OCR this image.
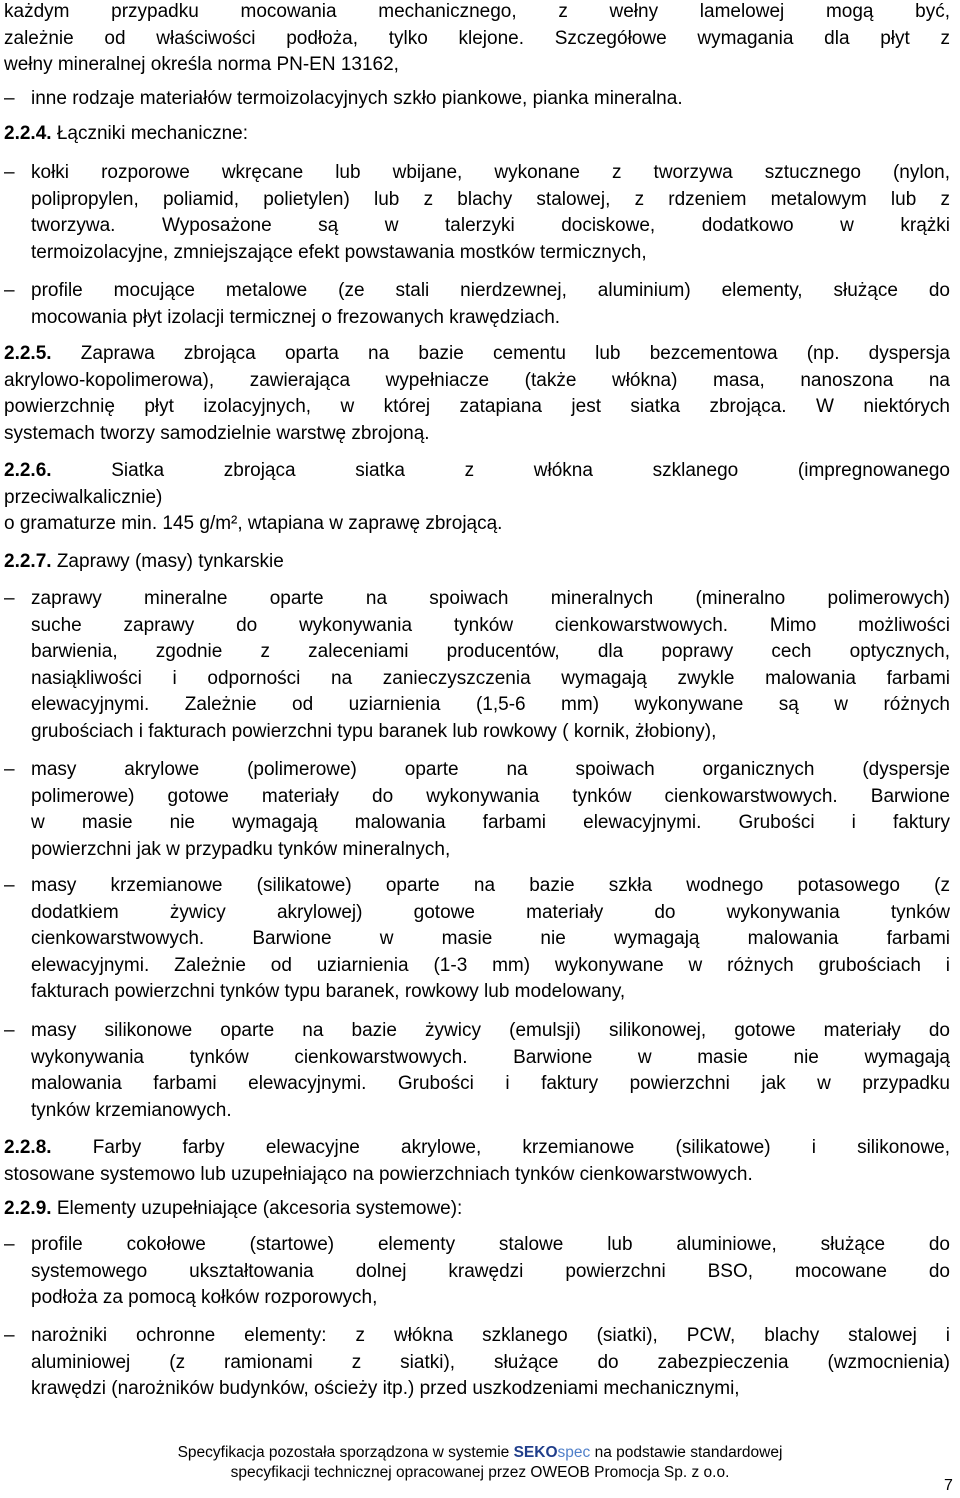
każdym przypadku mocowania mechanicznego, z wełny lamelowej mogą być,
zależnie od właściwości podłoża, tylko klejone. Szczegółowe wymagania dla płyt z
wełny mineralnej określa norma PN-EN 13162,
– inne rodzaje materiałów termoizolacyjnych szkło piankowe, pianka mineralna.
2.2.4. Łączniki mechaniczne:
– kołki rozporowe wkręcane lub wbijane, wykonane z tworzywa sztucznego (nylon,
polipropylen, poliamid, polietylen) lub z blachy stalowej, z rdzeniem metalowym lub z
tworzywa. Wyposażone są w talerzyki dociskowe, dodatkowo w krążki
termoizolacyjne, zmniejszające efekt powstawania mostków termicznych,
– profile mocujące metalowe (ze stali nierdzewnej, aluminium) elementy, służące do
mocowania płyt izolacji termicznej o frezowanych krawędziach.
2.2.5. Zaprawa zbrojąca oparta na bazie cementu lub bezcementowa (np. dyspersja
akrylowo-kopolimerowa), zawierająca wypełniacze (także włókna) masa, nanoszona na
powierzchnię płyt izolacyjnych, w której zatapiana jest siatka zbrojąca. W niektórych
systemach tworzy samodzielnie warstwę zbrojoną.
2.2.6.	Siatka zbrojąca siatka z włókna szklanego (impregnowanego
przeciwalkalicznie)
o gramaturze min. 145 g/m², wtapiana w zaprawę zbrojącą.
2.2.7. Zaprawy (masy) tynkarskie
– zaprawy mineralne oparte na spoiwach mineralnych (mineralno polimerowych)
suche zaprawy do wykonywania tynków cienkowarstwowych. Mimo możliwości
barwienia, zgodnie z zaleceniami producentów, dla poprawy cech optycznych,
nasiąkliwości i odporności na zanieczyszczenia wymagają zwykle malowania farbami
elewacyjnymi. Zależnie od uziarnienia (1,5-6 mm) wykonywane są w różnych
grubościach i fakturach powierzchni typu baranek lub rowkowy ( kornik, żłobiony),
– masy akrylowe (polimerowe) oparte na spoiwach organicznych (dyspersje
polimerowe) gotowe materiały do wykonywania tynków cienkowarstwowych. Barwione
w masie nie wymagają malowania farbami elewacyjnymi. Grubości i faktury
powierzchni jak w przypadku tynków mineralnych,
– masy krzemianowe (silikatowe) oparte na bazie szkła wodnego potasowego (z
dodatkiem żywicy akrylowej) gotowe materiały do wykonywania tynków
cienkowarstwowych. Barwione w masie nie wymagają malowania farbami
elewacyjnymi. Zależnie od uziarnienia (1-3 mm) wykonywane w różnych grubościach i
fakturach powierzchni tynków typu baranek, rowkowy lub modelowany,
– masy silikonowe oparte na bazie żywicy (emulsji) silikonowej, gotowe materiały do
wykonywania tynków cienkowarstwowych. Barwione w masie nie wymagają
malowania farbami elewacyjnymi. Grubości i faktury powierzchni jak w przypadku
tynków krzemianowych.
2.2.8. Farby farby elewacyjne akrylowe, krzemianowe (silikatowe) i silikonowe,
stosowane systemowo lub uzupełniająco na powierzchniach tynków cienkowarstwowych.
2.2.9. Elementy uzupełniające (akcesoria systemowe):
– profile cokołowe (startowe) elementy stalowe lub aluminiowe, służące do
systemowego ukształtowania dolnej krawędzi powierzchni BSO, mocowane do
podłoża za pomocą kołków rozporowych,
– narożniki ochronne elementy: z włókna szklanego (siatki), PCW, blachy stalowej i
aluminiowej (z ramionami z siatki), służące do zabezpieczenia (wzmocnienia)
krawędzi (narożników budynków, ościeży itp.) przed uszkodzeniami mechanicznymi,
Specyfikacja pozostała sporządzona w systemie SEKOspec na podstawie standardowej
specyfikacji technicznej opracowanej przez OWEOB Promocja Sp. z o.o.
7
